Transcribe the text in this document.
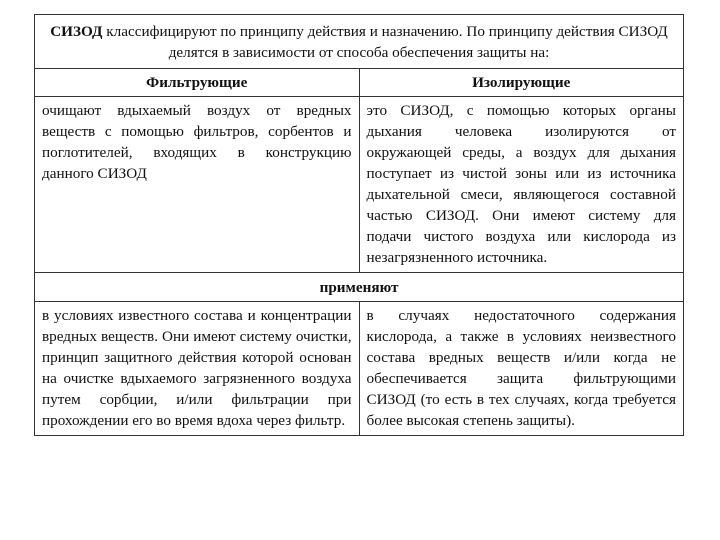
СИЗОД классифицируют по принципу действия и назначению. По принципу действия СИЗОД делятся в зависимости от способа обеспечения защиты на:
Фильтрующие	Изолирующие
очищают вдыхаемый воздух от вредных веществ с помощью фильтров, сорбентов и поглотителей, входящих в конструкцию данного СИЗОД
это СИЗОД, с помощью которых органы дыхания человека изолируются от окружающей среды, а воздух для дыхания поступает из чистой зоны или из источника дыхательной смеси, являющегося составной частью СИЗОД. Они имеют систему для подачи чистого воздуха или кислорода из незагрязненного источника.
применяют
в условиях известного состава и концентрации вредных веществ. Они имеют систему очистки, принцип защитного действия которой основан на очистке вдыхаемого загрязненного воздуха путем сорбции, и/или фильтрации при прохождении его во время вдоха через фильтр.
в случаях недостаточного содержания кислорода, а также в условиях неизвестного состава вредных веществ и/или когда не обеспечивается защита фильтрующими СИЗОД (то есть в тех случаях, когда требуется более высокая степень защиты).
